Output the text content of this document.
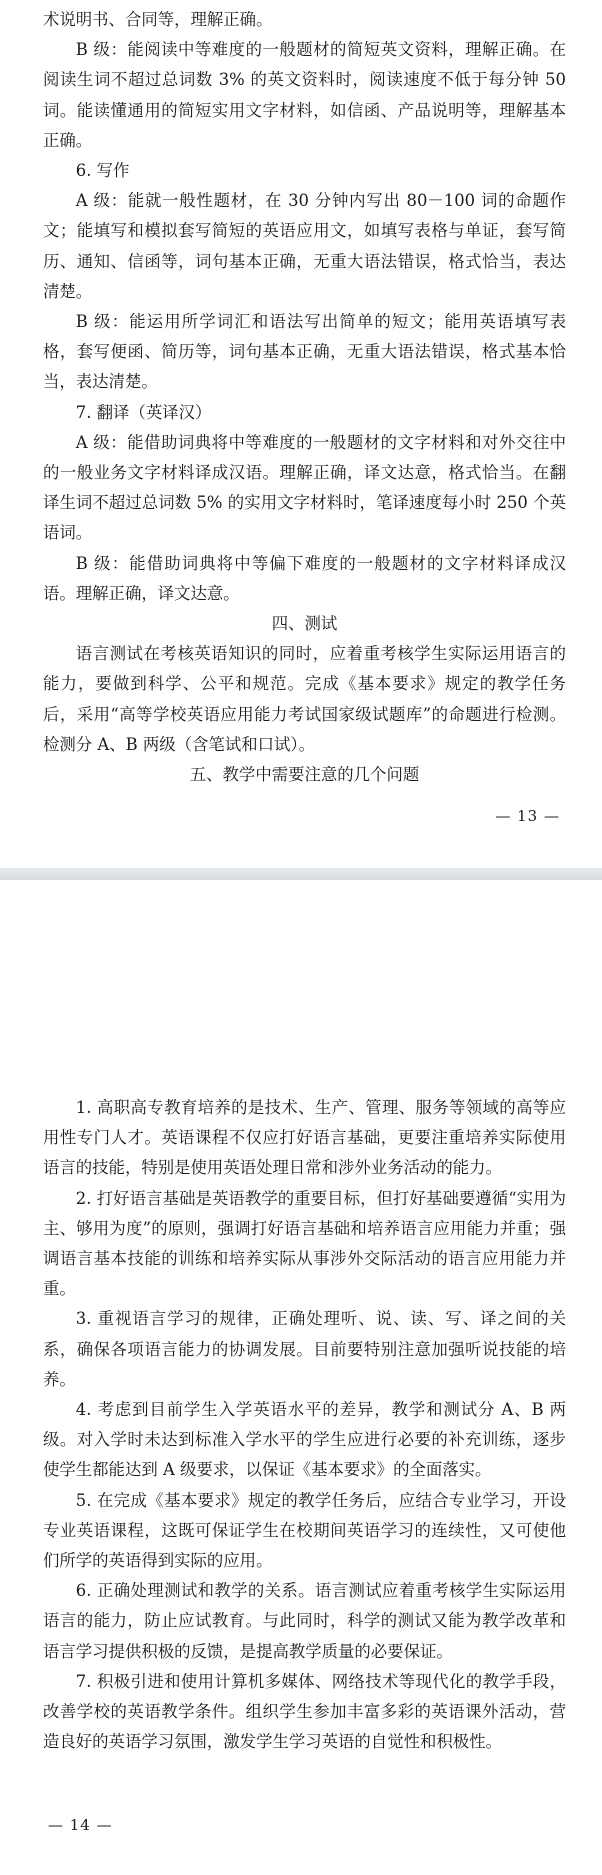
术说明书、合同等，理解正确。

B 级：能阅读中等难度的一般题材的简短英文资料，理解正确。在阅读生词不超过总词数 3% 的英文资料时，阅读速度不低于每分钟 50 词。能读懂通用的简短实用文字材料，如信函、产品说明等，理解基本正确。

6. 写作

A 级：能就一般性题材，在 30 分钟内写出 80－100 词的命题作文；能填写和模拟套写简短的英语应用文，如填写表格与单证，套写简历、通知、信函等，词句基本正确，无重大语法错误，格式恰当，表达清楚。

B 级：能运用所学词汇和语法写出简单的短文；能用英语填写表格，套写便函、简历等，词句基本正确，无重大语法错误，格式基本恰当，表达清楚。

7. 翻译（英译汉）

A 级：能借助词典将中等难度的一般题材的文字材料和对外交往中的一般业务文字材料译成汉语。理解正确，译文达意，格式恰当。在翻译生词不超过总词数 5% 的实用文字材料时，笔译速度每小时 250 个英语词。

B 级：能借助词典将中等偏下难度的一般题材的文字材料译成汉语。理解正确，译文达意。

四、测试

语言测试在考核英语知识的同时，应着重考核学生实际运用语言的能力，要做到科学、公平和规范。完成《基本要求》规定的教学任务后，采用“高等学校英语应用能力考试国家级试题库”的命题进行检测。检测分 A、B 两级（含笔试和口试）。

五、教学中需要注意的几个问题
— 13 —

1. 高职高专教育培养的是技术、生产、管理、服务等领域的高等应用性专门人才。英语课程不仅应打好语言基础，更要注重培养实际使用语言的技能，特别是使用英语处理日常和涉外业务活动的能力。

2. 打好语言基础是英语教学的重要目标，但打好基础要遵循“实用为主、够用为度”的原则，强调打好语言基础和培养语言应用能力并重；强调语言基本技能的训练和培养实际从事涉外交际活动的语言应用能力并重。

3. 重视语言学习的规律，正确处理听、说、读、写、译之间的关系，确保各项语言能力的协调发展。目前要特别注意加强听说技能的培养。

4. 考虑到目前学生入学英语水平的差异，教学和测试分 A、B 两级。对入学时未达到标准入学水平的学生应进行必要的补充训练，逐步使学生都能达到 A 级要求，以保证《基本要求》的全面落实。

5. 在完成《基本要求》规定的教学任务后，应结合专业学习，开设专业英语课程，这既可保证学生在校期间英语学习的连续性，又可使他们所学的英语得到实际的应用。

6. 正确处理测试和教学的关系。语言测试应着重考核学生实际运用语言的能力，防止应试教育。与此同时，科学的测试又能为教学改革和语言学习提供积极的反馈，是提高教学质量的必要保证。

7. 积极引进和使用计算机多媒体、网络技术等现代化的教学手段，改善学校的英语教学条件。组织学生参加丰富多彩的英语课外活动，营造良好的英语学习氛围，激发学生学习英语的自觉性和积极性。

— 14 —
